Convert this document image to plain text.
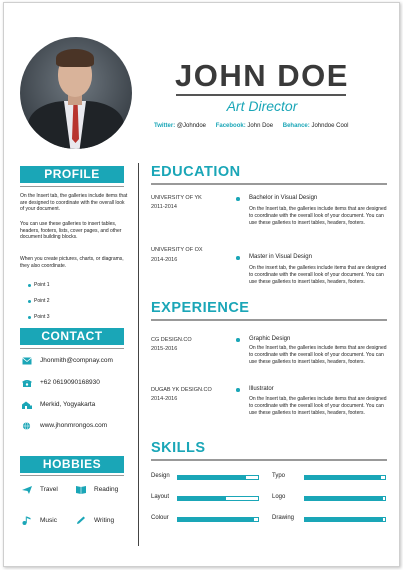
JOHN DOE
Art Director
Twitter: @Johndoe Facebook: John Doe Behance: Johndoe Cool
PROFILE
On the Insert tab, the galleries include items that are designed to coordinate with the overall look of your document.
You can use these galleries to insert tables, headers, footers, lists, cover pages, and other document building blocks.
When you create pictures, charts, or diagrams, they also coordinate.
Point 1
Point 2
Point 3
CONTACT
Jhonmith@compnay.com
+62 0619090168930
Merkid, Yogyakarta
www.jhonmrongos.com
HOBBIES
Travel	Reading
Music	Writing
EDUCATION
UNIVERSITY OF YK
2011-2014
Bachelor in Visual Design
On the Insert tab, the galleries include items that are designed to coordinate with the overall look of your document. You can use these galleries to insert tables, headers, footers.
UNIVERSITY OF OX
2014-2016	Master in Visual Design
On the insert tab, the galleries include items that are designed to coordinate with the overall look of your document. You can use these galleries to insert tables, headers, footers.
EXPERIENCE
CG DESIGN.CO
2015-2016
Graphic Design
On the Insert tab, the galleries include items that are designed to coordinate with the overall look of your document. You can use these galleries to insert tables, headers, footers.
DUGAB YK DESIGN.CO
2014-2016
Illustrator
On the Insert tab, the galleries include items that are designed to coordinate with the overall look of your document. You can use these galleries to insert tables, headers, footers.
SKILLS
Design	Typo
Layout	Logo
Colour	Drawing
